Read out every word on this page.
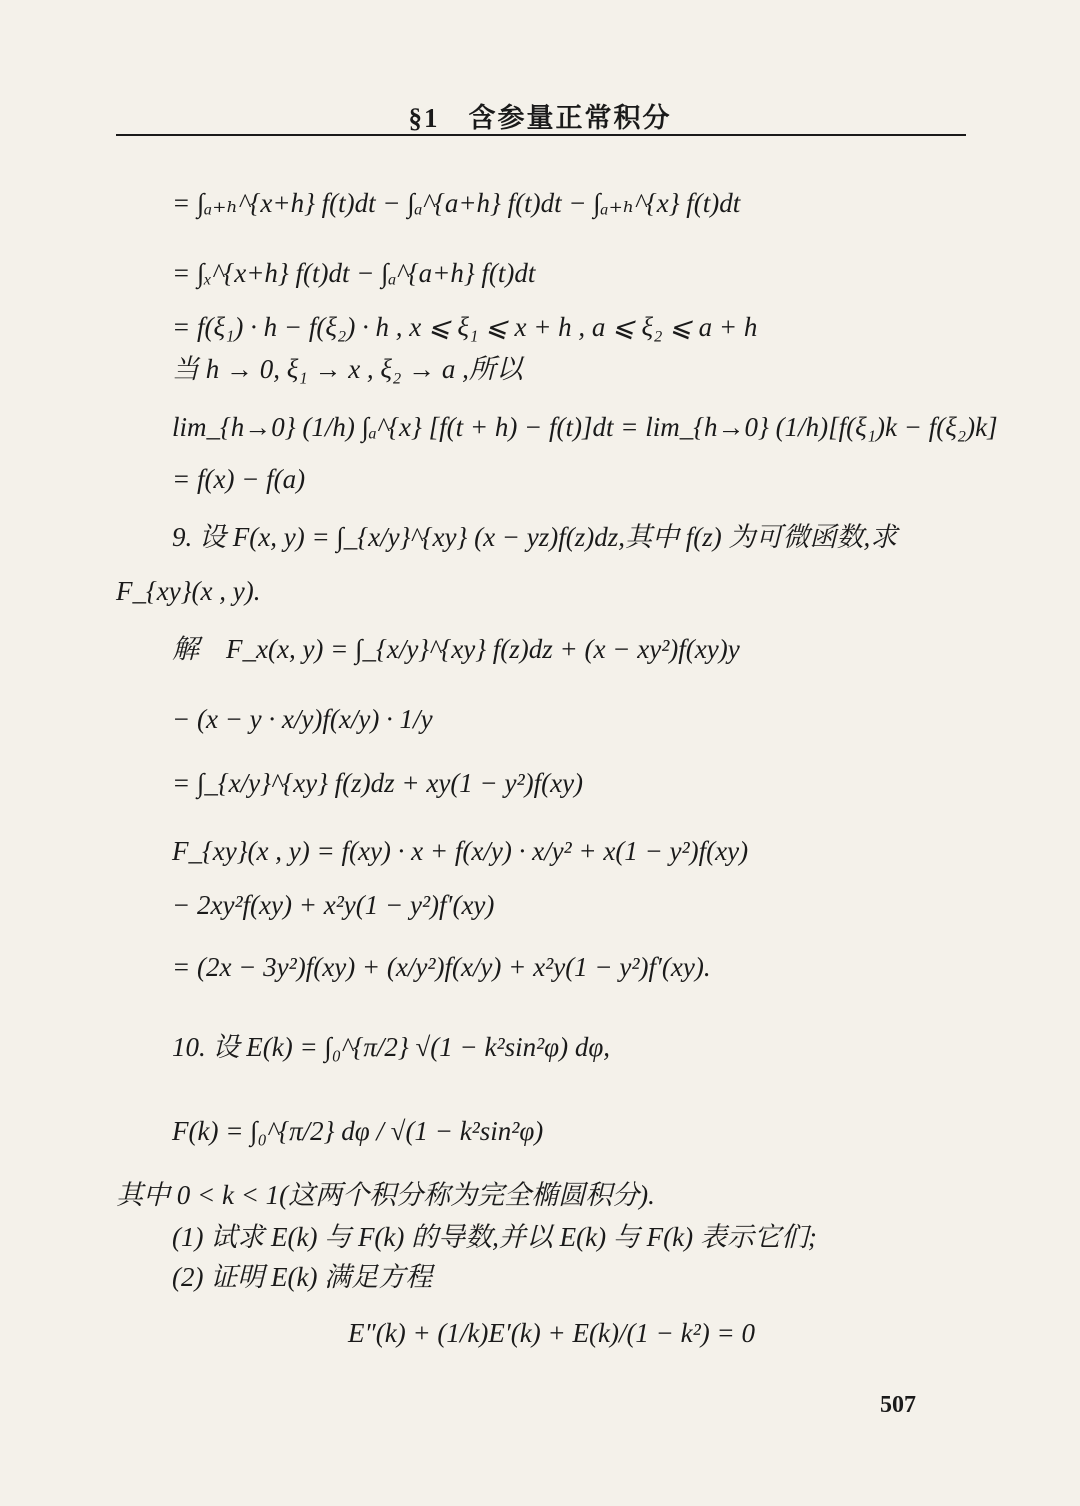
§1　含参量正常积分
= ∫ₐ₊ₕ^{x+h} f(t)dt − ∫ₐ^{a+h} f(t)dt − ∫ₐ₊ₕ^{x} f(t)dt
= ∫ₓ^{x+h} f(t)dt − ∫ₐ^{a+h} f(t)dt
= f(ξ₁) · h − f(ξ₂) · h , x ⩽ ξ₁ ⩽ x + h , a ⩽ ξ₂ ⩽ a + h
当 h → 0, ξ₁ → x , ξ₂ → a ,所以
lim_{h→0} (1/h) ∫ₐ^{x} [f(t + h) − f(t)]dt = lim_{h→0} (1/h)[f(ξ₁)k − f(ξ₂)k]
= f(x) − f(a)
9. 设 F(x, y) = ∫_{x/y}^{xy} (x − yz)f(z)dz,其中 f(z) 为可微函数,求
F_{xy}(x , y).
解　F_x(x, y) = ∫_{x/y}^{xy} f(z)dz + (x − xy²)f(xy)y
− (x − y · x/y)f(x/y) · 1/y
= ∫_{x/y}^{xy} f(z)dz + xy(1 − y²)f(xy)
F_{xy}(x , y) = f(xy) · x + f(x/y) · x/y² + x(1 − y²)f(xy)
− 2xy²f(xy) + x²y(1 − y²)f′(xy)
= (2x − 3y²)f(xy) + (x/y²)f(x/y) + x²y(1 − y²)f′(xy).
10. 设 E(k) = ∫₀^{π/2} √(1 − k²sin²φ) dφ,
F(k) = ∫₀^{π/2} dφ / √(1 − k²sin²φ)
其中 0 < k < 1(这两个积分称为完全椭圆积分).
(1) 试求 E(k) 与 F(k) 的导数,并以 E(k) 与 F(k) 表示它们;
(2) 证明 E(k) 满足方程
E″(k) + (1/k)E′(k) + E(k)/(1 − k²) = 0
507
